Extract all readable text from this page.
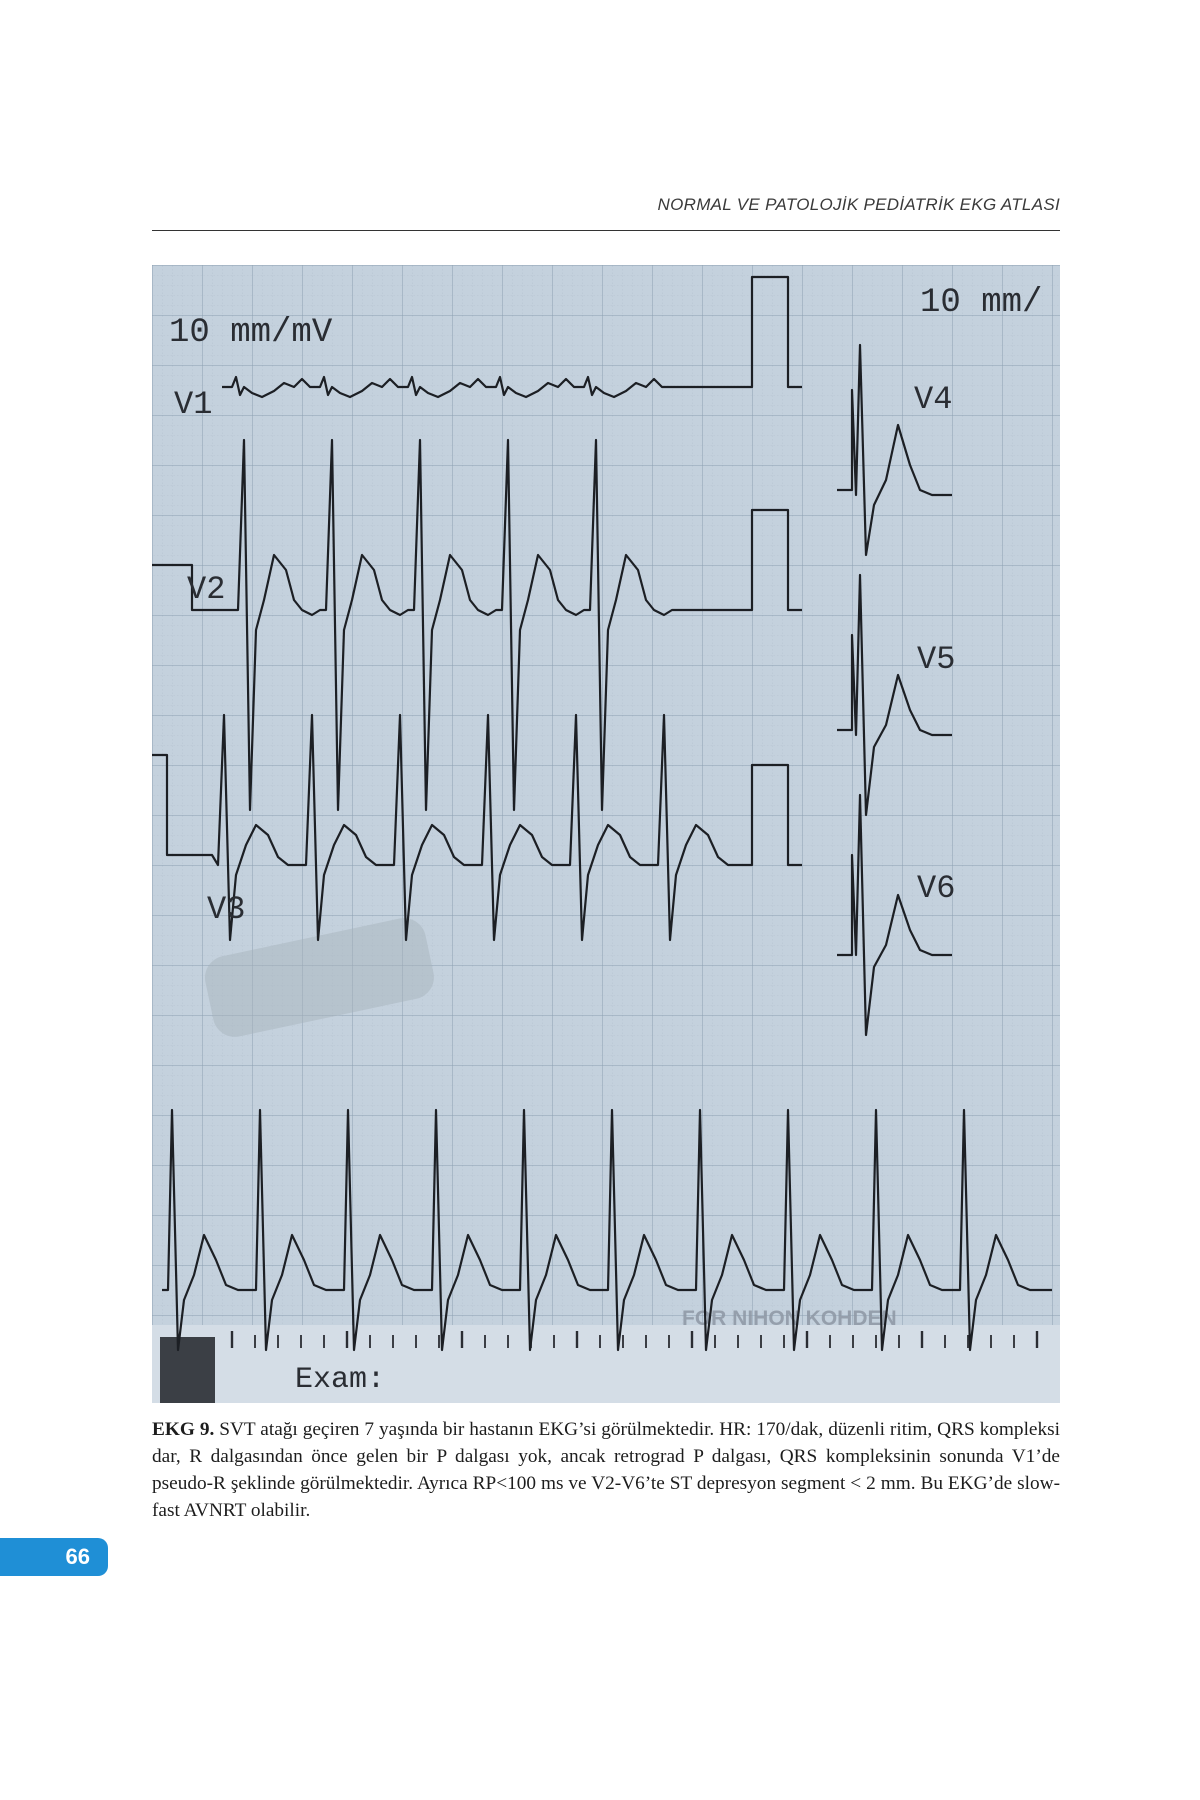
NORMAL VE PATOLOJİK PEDİATRİK EKG ATLASI
Exam:
FOR NIHON KOHDEN
10 mm/mV
10 mm/
V1
V2
V3
V4
V5
V6
EKG 9. SVT atağı geçiren 7 yaşında bir hastanın EKG’si görülmektedir. HR: 170/dak, düzenli ritim, QRS kompleksi dar, R dalgasından önce gelen bir P dalgası yok, ancak retrograd P dalgası, QRS kompleksinin sonunda V1’de pseudo-R şeklinde görülmektedir. Ayrıca RP<100 ms ve V2-V6’te ST depresyon segment < 2 mm. Bu EKG’de slow-fast AVNRT olabilir.
66
